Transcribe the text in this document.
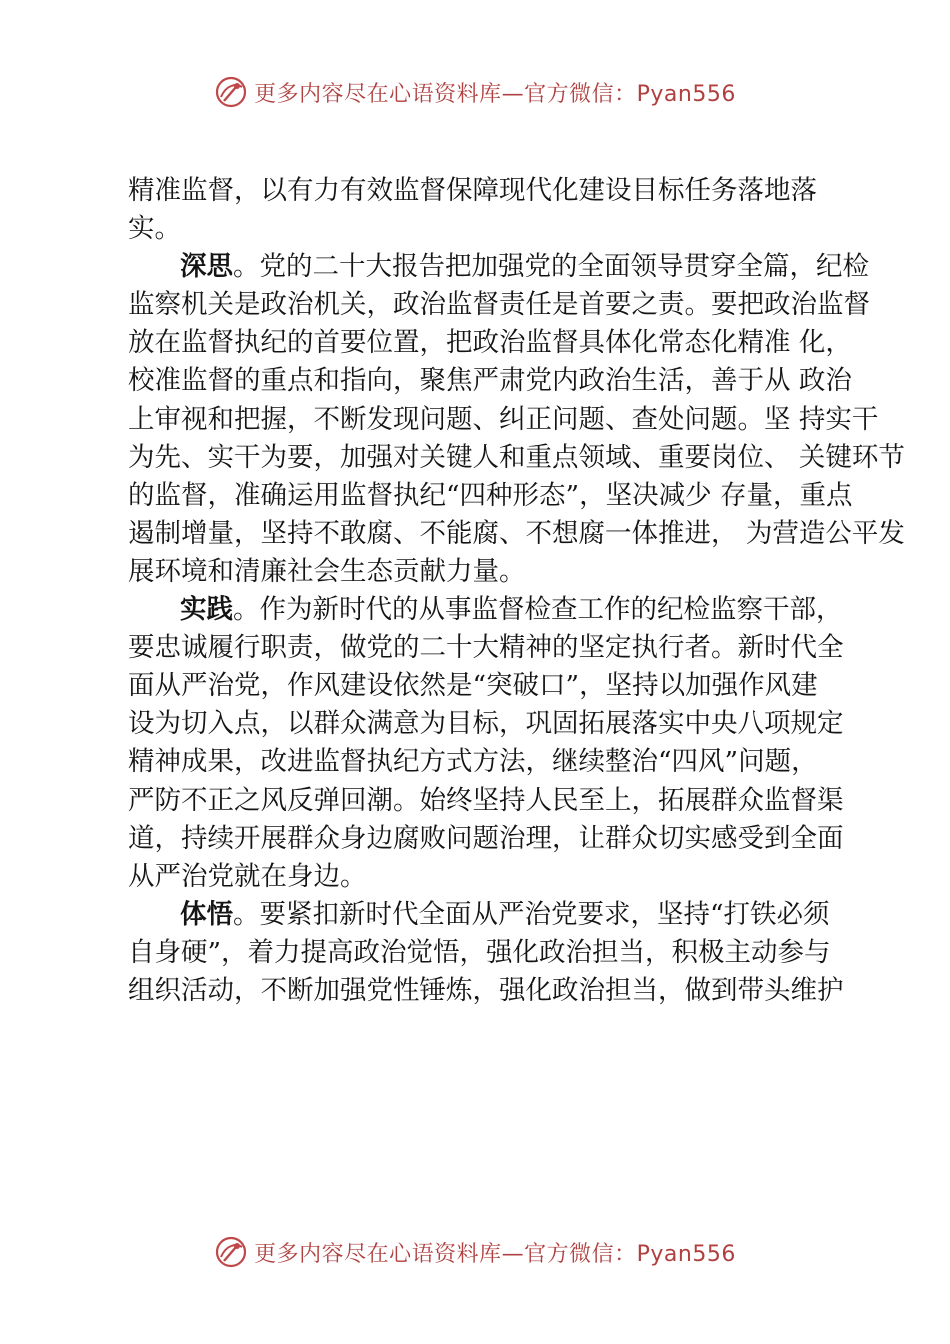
更多内容尽在心语资料库—官方微信：Pyan556
精准监督，以有力有效监督保障现代化建设目标任务落地落
实。
深思。党的二十大报告把加强党的全面领导贯穿全篇，纪检
监察机关是政治机关，政治监督责任是首要之责。要把政治监督
放在监督执纪的首要位置，把政治监督具体化常态化精准 化，
校准监督的重点和指向，聚焦严肃党内政治生活，善于从 政治
上审视和把握，不断发现问题、纠正问题、查处问题。坚 持实干
为先、实干为要，加强对关键人和重点领域、重要岗位、 关键环节
的监督，准确运用监督执纪“四种形态”，坚决减少 存量，重点
遏制增量，坚持不敢腐、不能腐、不想腐一体推进， 为营造公平发
展环境和清廉社会生态贡献力量。
实践。作为新时代的从事监督检查工作的纪检监察干部，
要忠诚履行职责，做党的二十大精神的坚定执行者。新时代全
面从严治党，作风建设依然是“突破口”，坚持以加强作风建
设为切入点，以群众满意为目标，巩固拓展落实中央八项规定
精神成果，改进监督执纪方式方法，继续整治“四风”问题，
严防不正之风反弹回潮。始终坚持人民至上，拓展群众监督渠
道，持续开展群众身边腐败问题治理，让群众切实感受到全面
从严治党就在身边。
体悟。要紧扣新时代全面从严治党要求，坚持“打铁必须
自身硬”，着力提高政治觉悟，强化政治担当，积极主动参与
组织活动，不断加强党性锤炼，强化政治担当，做到带头维护
更多内容尽在心语资料库—官方微信：Pyan556
